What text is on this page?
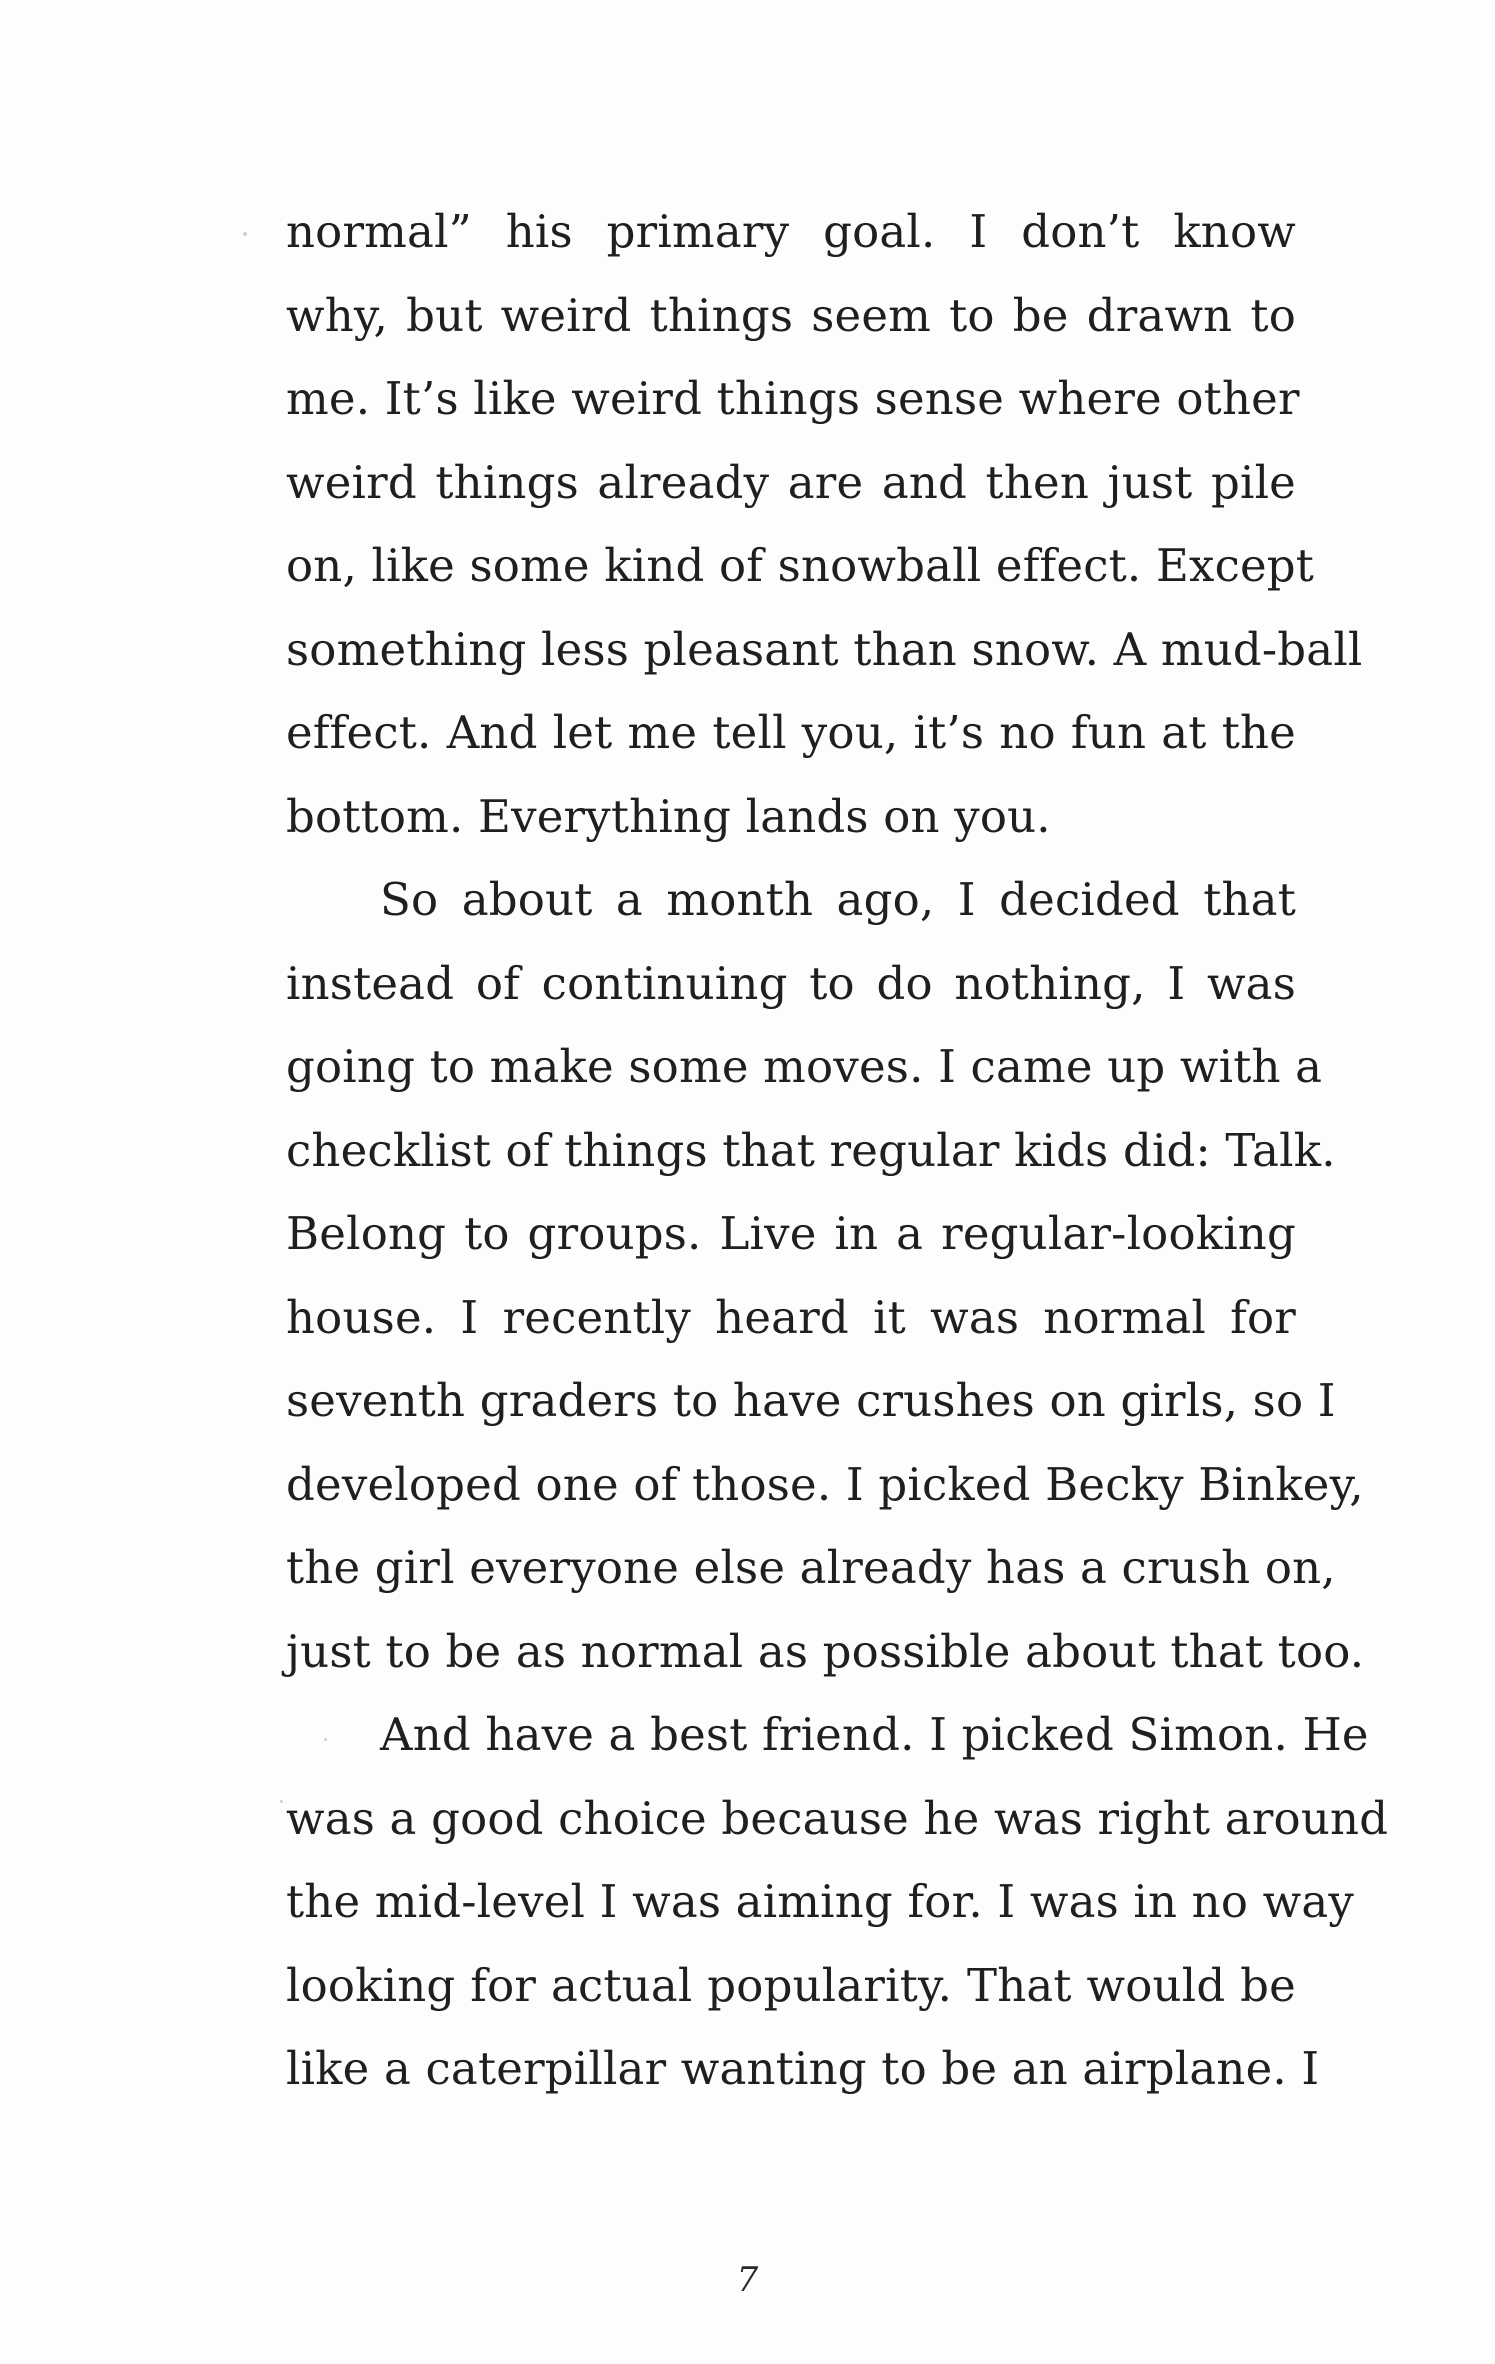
normal” his primary goal. I don’t know
why, but weird things seem to be drawn to
me. It’s like weird things sense where other
weird things already are and then just pile
on, like some kind of snowball effect. Except
something less pleasant than snow. A mud-ball
effect. And let me tell you, it’s no fun at the
bottom. Everything lands on you.
So about a month ago, I decided that
instead of continuing to do nothing, I was
going to make some moves. I came up with a
checklist of things that regular kids did: Talk.
Belong to groups. Live in a regular-looking
house. I recently heard it was normal for
seventh graders to have crushes on girls, so I
developed one of those. I picked Becky Binkey,
the girl everyone else already has a crush on,
just to be as normal as possible about that too.
And have a best friend. I picked Simon. He
was a good choice because he was right around
the mid-level I was aiming for. I was in no way
looking for actual popularity. That would be
like a caterpillar wanting to be an airplane. I
7
